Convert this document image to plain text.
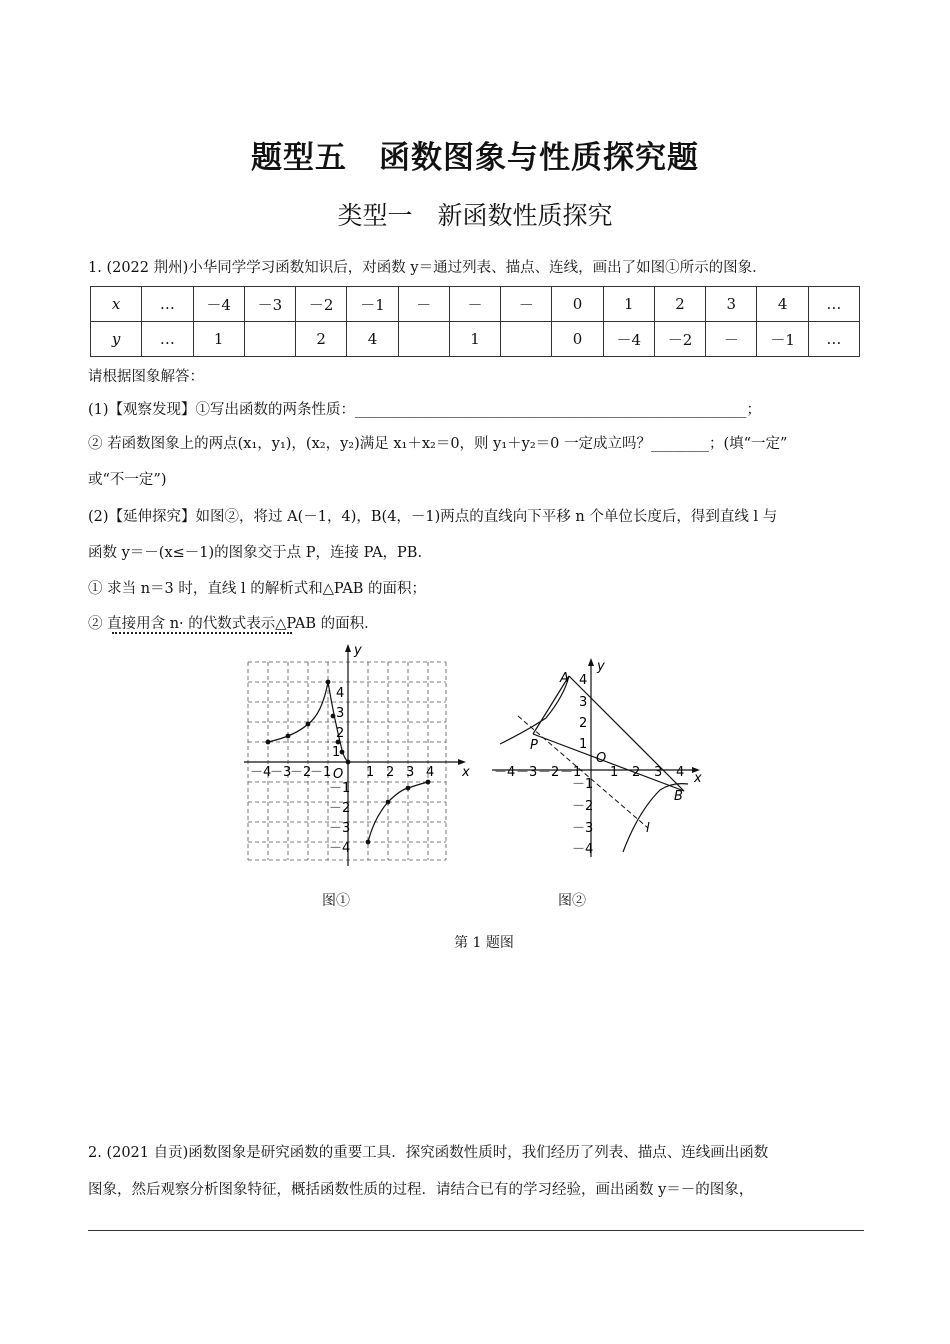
题型五　函数图象与性质探究题
类型一　新函数性质探究
1. (2022 荆州)小华同学学习函数知识后，对函数 y＝通过列表、描点、连线，画出了如图①所示的图象．
x	…	－4	－3	－2	－1	－	－	－	0	1	2	3	4	…
y	…	1		2	4		1		0	－4	－2	－	－1	…
请根据图象解答：
(1)【观察发现】①写出函数的两条性质：______________________________________________________；
② 若函数图象上的两点(x₁，y₁)，(x₂，y₂)满足 x₁＋x₂＝0，则 y₁＋y₂＝0 一定成立吗？________；(填“一定”
或“不一定”)
(2)【延伸探究】如图②，将过 A(－1，4)，B(4，－1)两点的直线向下平移 n 个单位长度后，得到直线 l 与
函数 y＝－(x≤－1)的图象交于点 P，连接 PA，PB.
① 求当 n＝3 时，直线 l 的解析式和△PAB 的面积；
② 直接用含 n· 的代数式表示△PAB 的面积．
x
y
O
－4
－3
－2
－1	1 2 3 4
4
3
2
1
－1
－2
－3
－4
A
B
P
l
x
y
O
－4 －3 －2 －1 1 2 3 4
4
3
2
1
－1
－2
－3
－4
图①	图②
第 1 题图
2. (2021 自贡)函数图象是研究函数的重要工具．探究函数性质时，我们经历了列表、描点、连线画出函数
图象，然后观察分析图象特征，概括函数性质的过程．请结合已有的学习经验，画出函数 y＝－的图象，
